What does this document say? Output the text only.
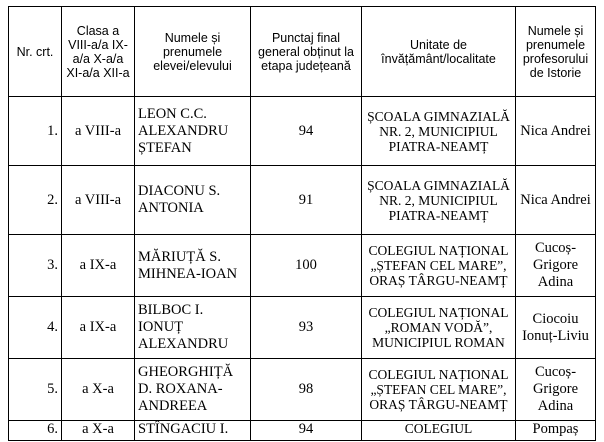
Nr. crt.	Clasa a VIII-a/a IX-a/a X-a/a XI-a/a XII-a	Numele și prenumele elevei/elevului	Punctaj final general obținut la etapa județeană	Unitate de învățământ/localitate	Numele și prenumele profesorului de Istorie
1.	a VIII-a	LEON C.C. ALEXANDRU ȘTEFAN	94	ȘCOALA GIMNAZIALĂ NR. 2, MUNICIPIUL PIATRA-NEAMȚ	Nica Andrei
2.	a VIII-a	DIACONU S. ANTONIA	91	ȘCOALA GIMNAZIALĂ NR. 2, MUNICIPIUL PIATRA-NEAMȚ	Nica Andrei
3.	a IX-a	MĂRIUȚĂ S. MIHNEA-IOAN	100	COLEGIUL NAȚIONAL „ȘTEFAN CEL MARE”, ORAȘ TÂRGU-NEAMȚ	Cucoș-Grigore Adina
4.	a IX-a	BILBOC I. IONUȚ ALEXANDRU	93	COLEGIUL NAȚIONAL „ROMAN VODĂ”, MUNICIPIUL ROMAN	Ciocoiu Ionuț-Liviu
5.	a X-a	GHEORGHIȚĂ D. ROXANA-ANDREEA	98	COLEGIUL NAȚIONAL „ȘTEFAN CEL MARE”, ORAȘ TÂRGU-NEAMȚ	Cucoș-Grigore Adina
6.	a X-a	STÎNGACIU I.	94	COLEGIUL	Pompaș
